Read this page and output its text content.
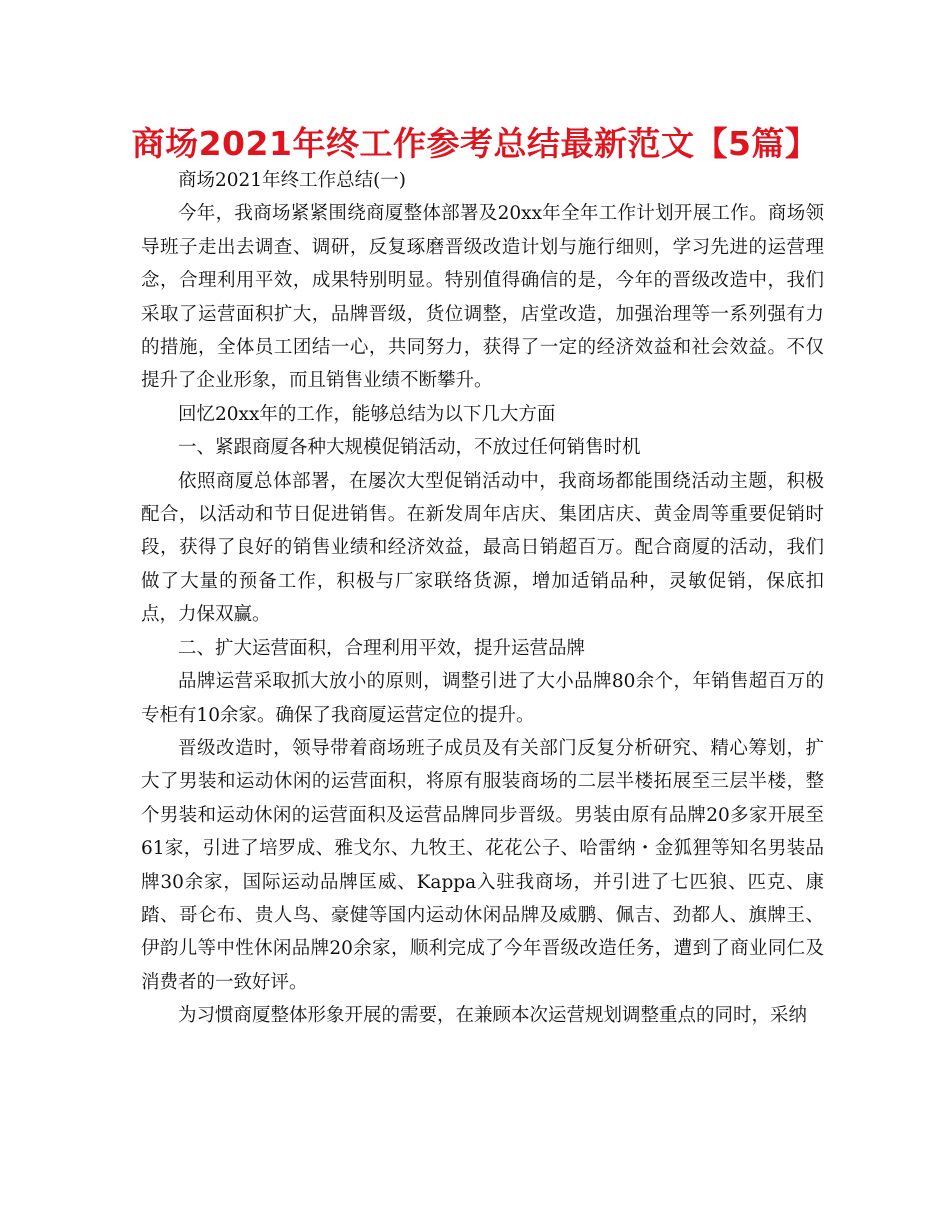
商场2021年终工作参考总结最新范文【5篇】

商场2021年终工作总结(一)

今年，我商场紧紧围绕商厦整体部署及20xx年全年工作计划开展工作。商场领导班子走出去调查、调研，反复琢磨晋级改造计划与施行细则，学习先进的运营理念，合理利用平效，成果特别明显。特别值得确信的是，今年的晋级改造中，我们采取了运营面积扩大，品牌晋级，货位调整，店堂改造，加强治理等一系列强有力的措施，全体员工团结一心，共同努力，获得了一定的经济效益和社会效益。不仅提升了企业形象，而且销售业绩不断攀升。

回忆20xx年的工作，能够总结为以下几大方面

一、紧跟商厦各种大规模促销活动，不放过任何销售时机

依照商厦总体部署，在屡次大型促销活动中，我商场都能围绕活动主题，积极配合，以活动和节日促进销售。在新发周年店庆、集团店庆、黄金周等重要促销时段，获得了良好的销售业绩和经济效益，最高日销超百万。配合商厦的活动，我们做了大量的预备工作，积极与厂家联络货源，增加适销品种，灵敏促销，保底扣点，力保双赢。

二、扩大运营面积，合理利用平效，提升运营品牌

品牌运营采取抓大放小的原则，调整引进了大小品牌80余个，年销售超百万的专柜有10余家。确保了我商厦运营定位的提升。

晋级改造时，领导带着商场班子成员及有关部门反复分析研究、精心筹划，扩大了男装和运动休闲的运营面积，将原有服装商场的二层半楼拓展至三层半楼，整个男装和运动休闲的运营面积及运营品牌同步晋级。男装由原有品牌20多家开展至61家，引进了培罗成、雅戈尔、九牧王、花花公子、哈雷纳・金狐狸等知名男装品牌30余家，国际运动品牌匡威、Kappa入驻我商场，并引进了七匹狼、匹克、康踏、哥仑布、贵人鸟、豪健等国内运动休闲品牌及威鹏、佩吉、劲都人、旗牌王、伊韵儿等中性休闲品牌20余家，顺利完成了今年晋级改造任务，遭到了商业同仁及消费者的一致好评。

为习惯商厦整体形象开展的需要，在兼顾本次运营规划调整重点的同时，采纳
